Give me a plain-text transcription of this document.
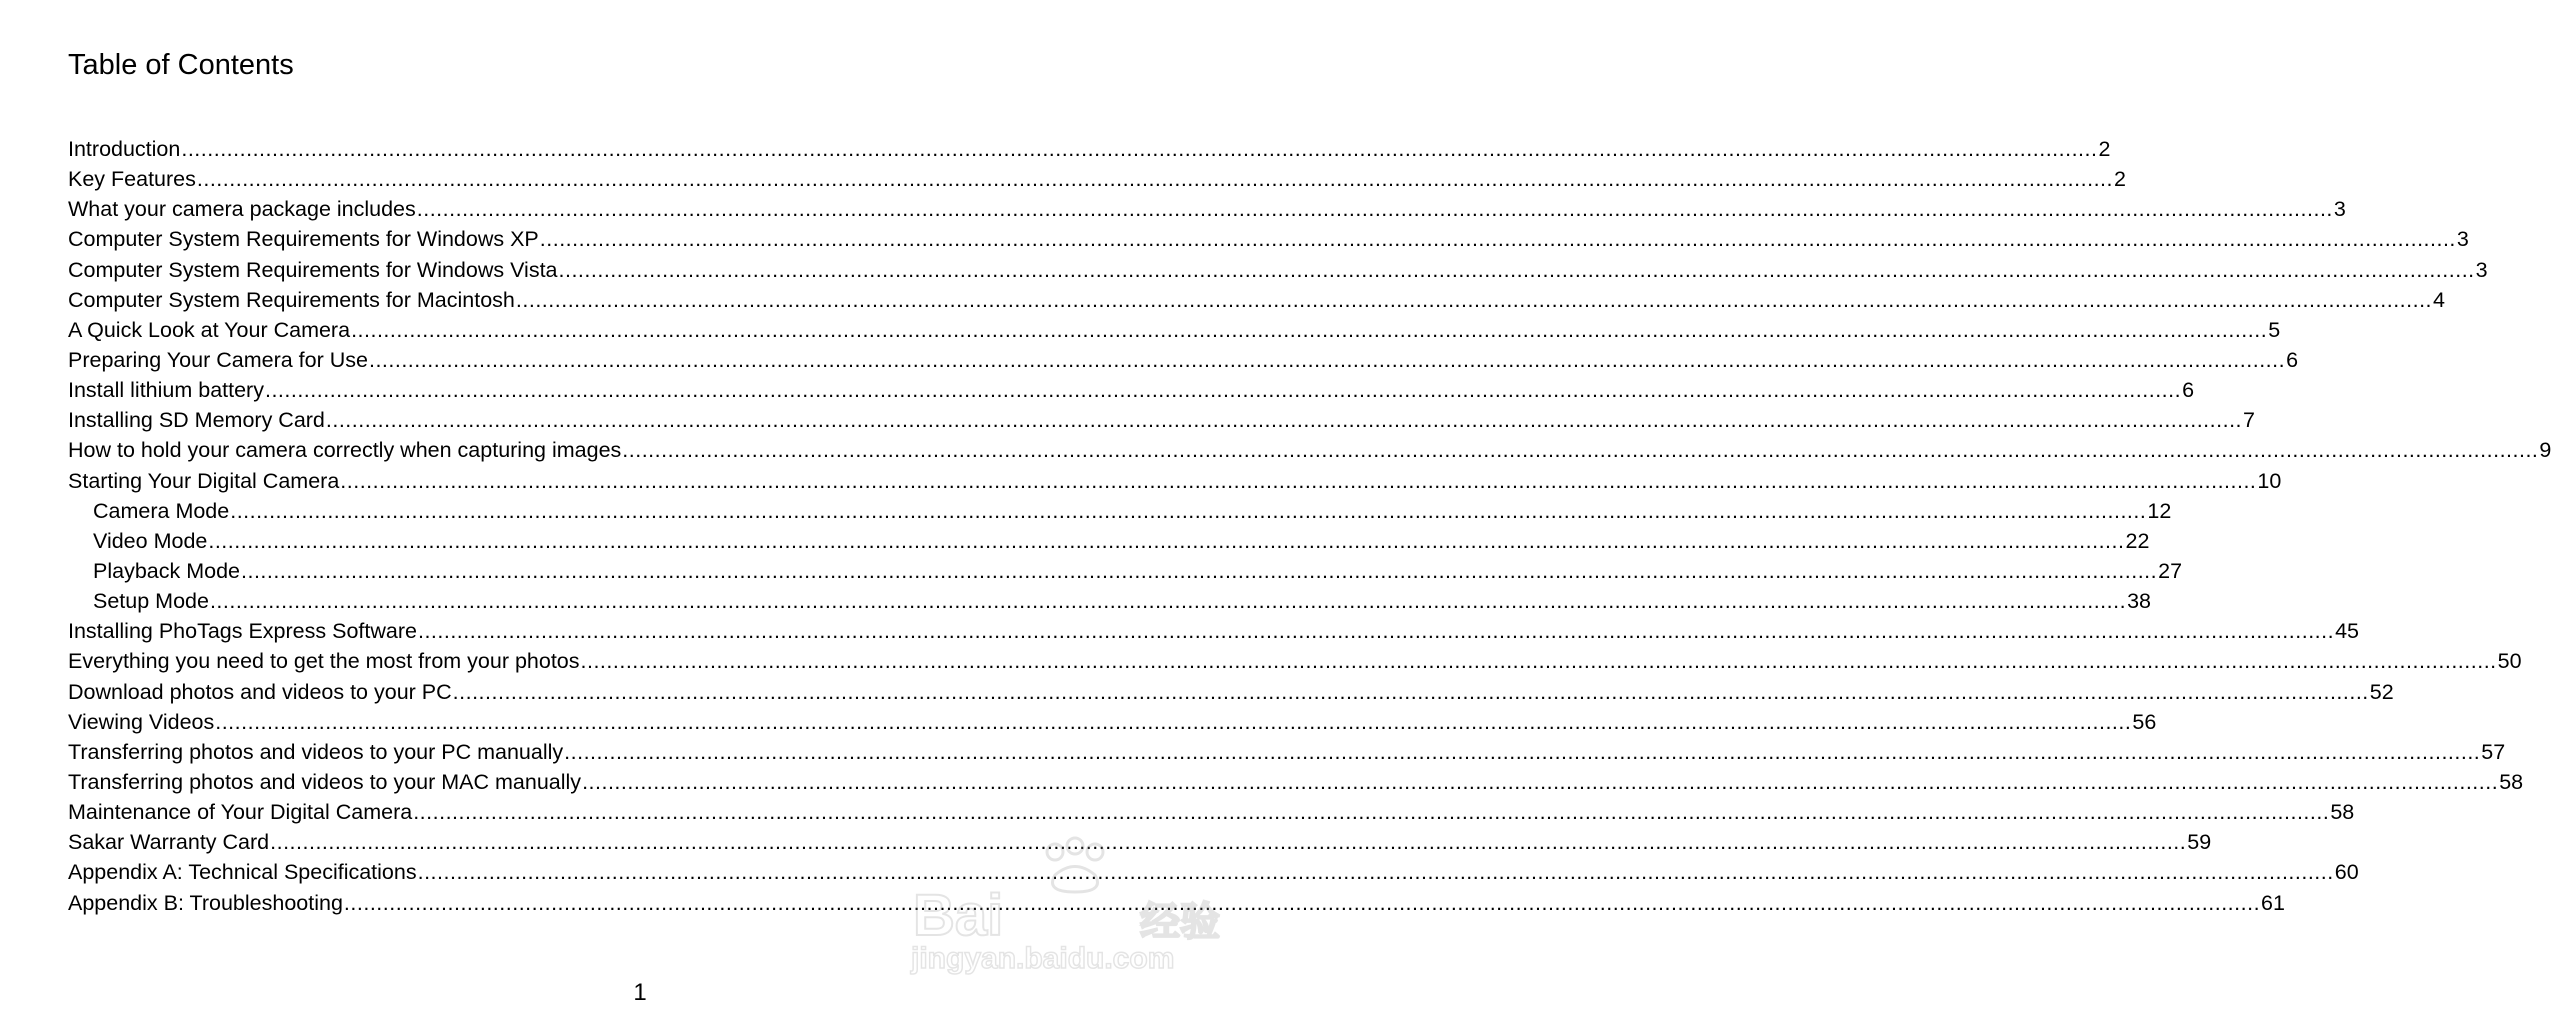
Table of Contents
Introduction .....	2
Key Features .....	2
What your camera package includes .....	3
Computer System Requirements for Windows XP .....	3
Computer System Requirements for Windows Vista .....	3
Computer System Requirements for Macintosh .....	4
A Quick Look at Your Camera .....	5
Preparing Your Camera for Use .....	6
Install lithium battery .....	6
Installing SD Memory Card .....	7
How to hold your camera correctly when capturing images .....	9
Starting Your Digital Camera .....	10
Camera Mode .....	12
Video Mode .....	22
Playback Mode .....	27
Setup Mode .....	38
Installing PhoTags Express Software .....	45
Everything you need to get the most from your photos .....	50
Download photos and videos to your PC .....	52
Viewing Videos .....	56
Transferring photos and videos to your PC manually .....	57
Transferring photos and videos to your MAC manually .....	58
Maintenance of Your Digital Camera .....	58
Sakar Warranty Card .....	59
Appendix A: Technical Specifications .....	60
Appendix B: Troubleshooting .....	61
1
Bai	经验
jingyan.baidu.com
